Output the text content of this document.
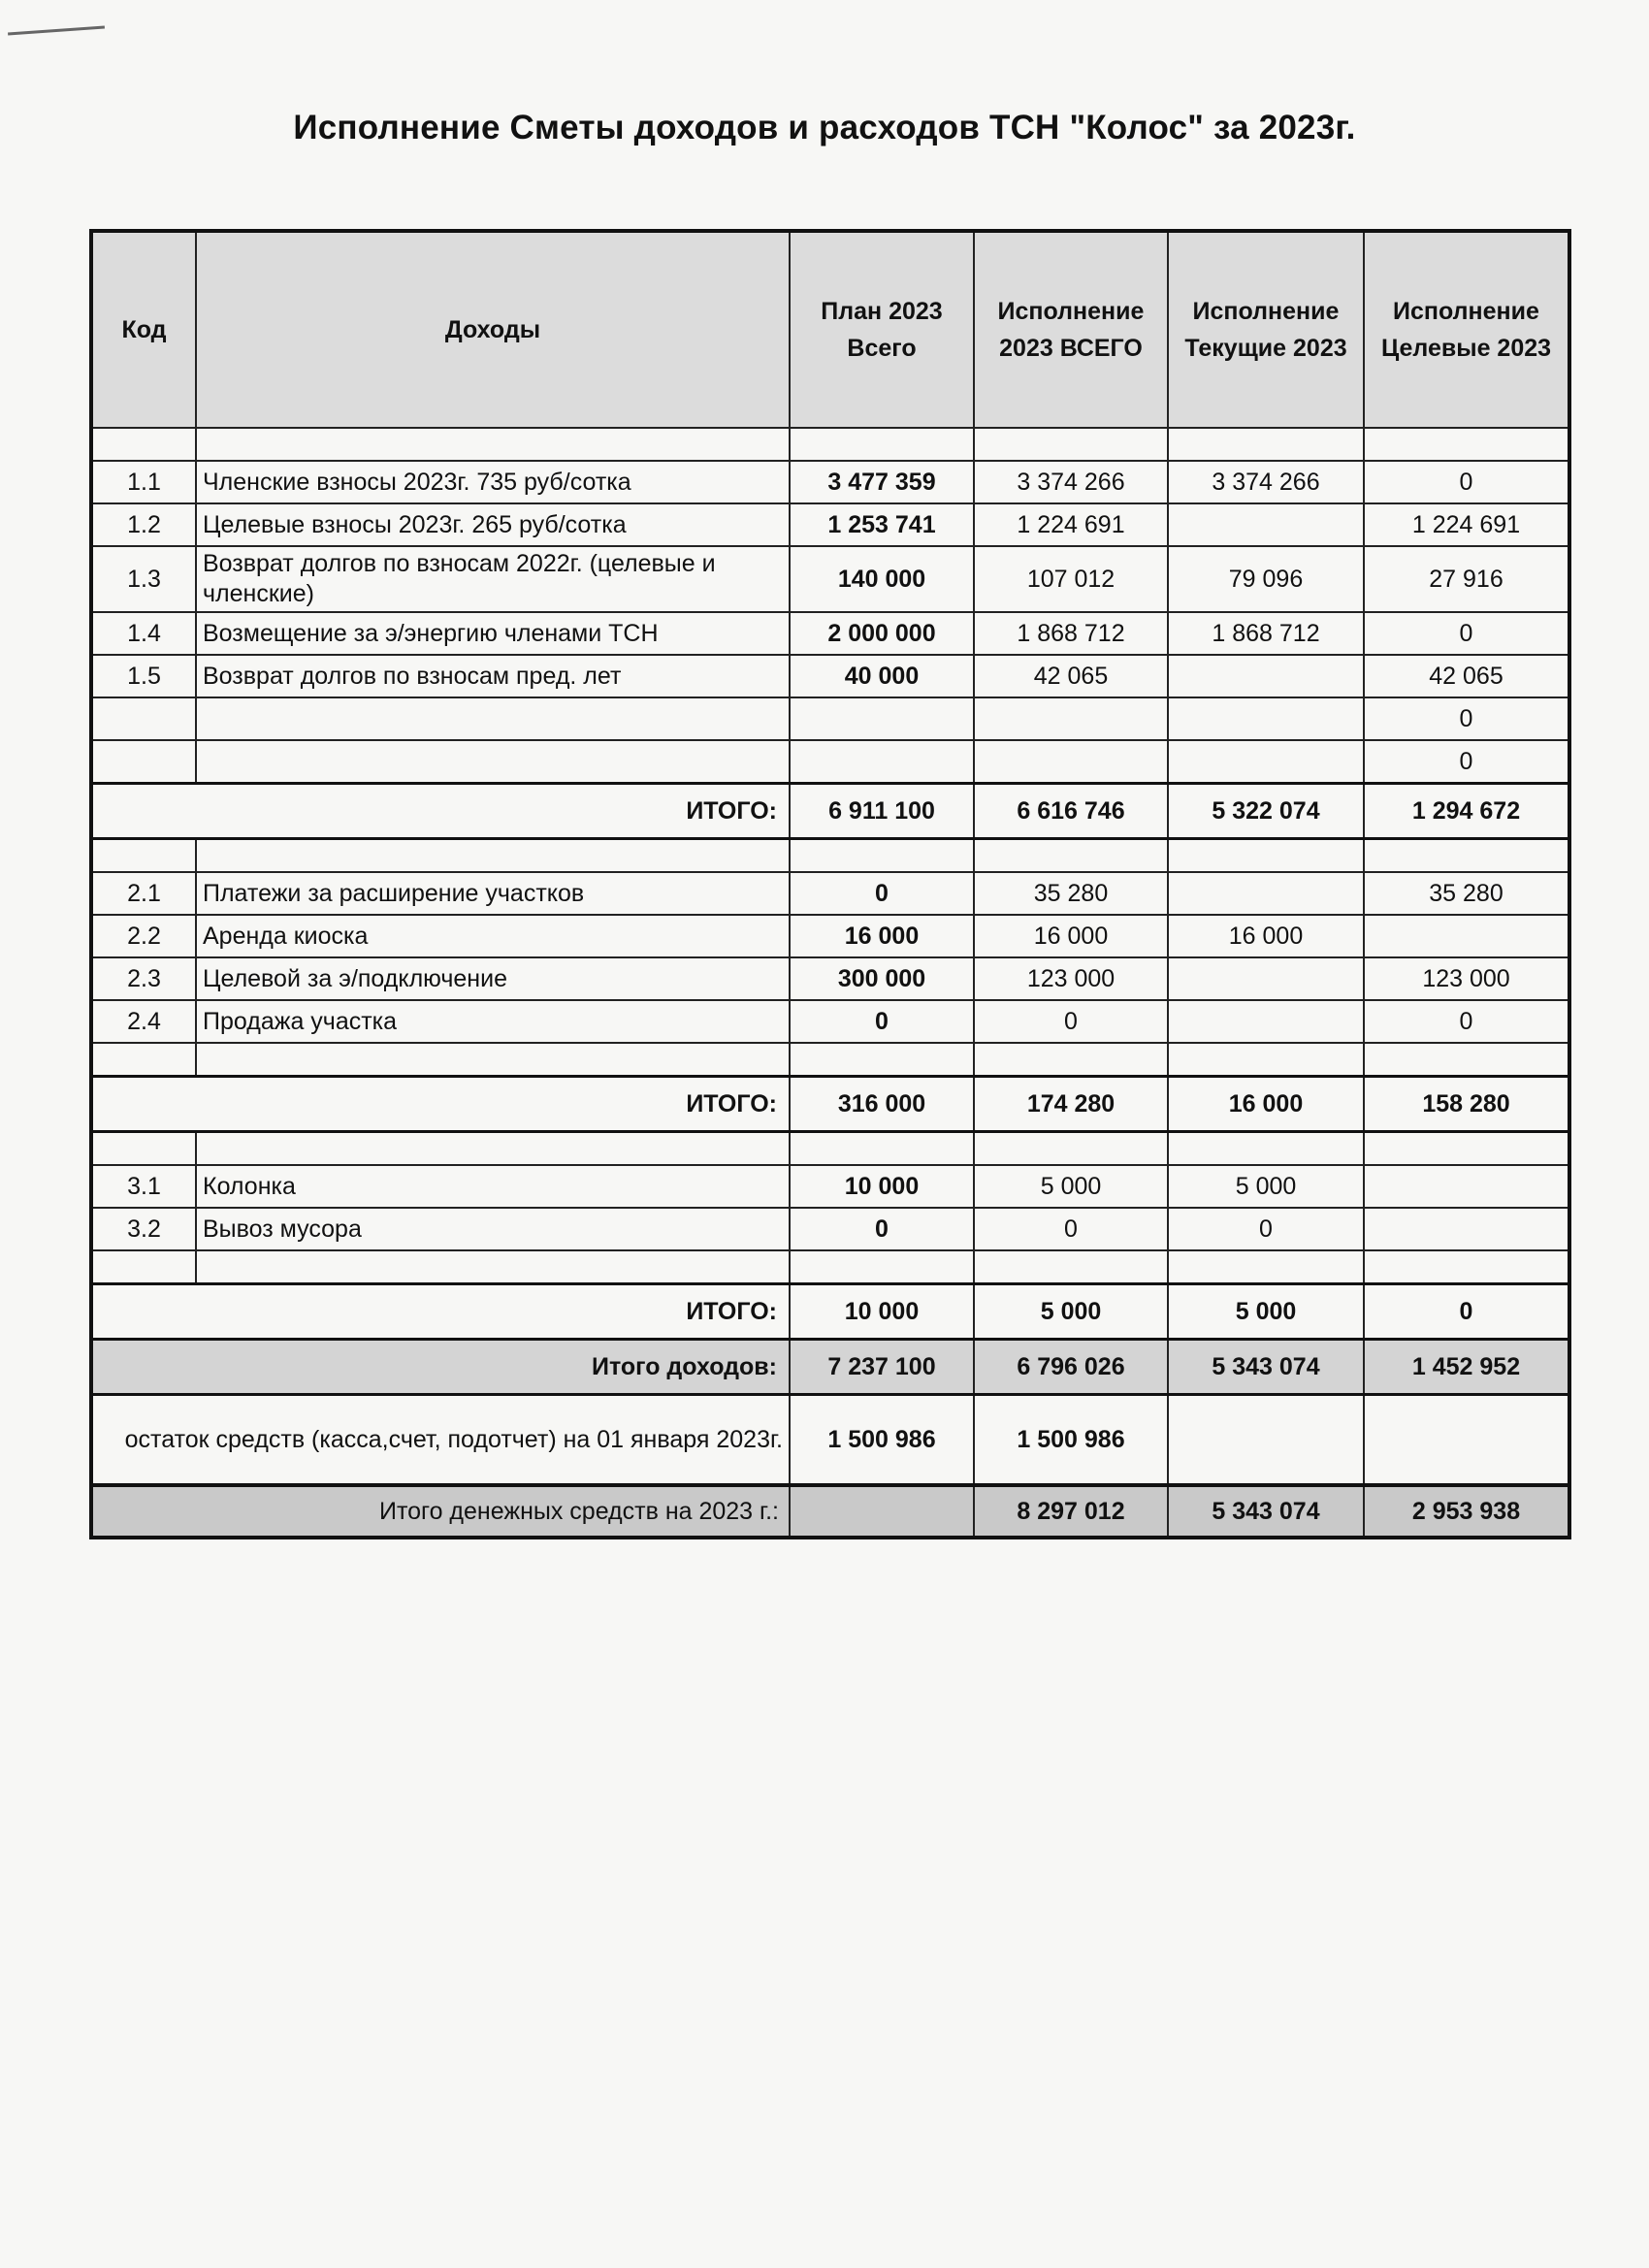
Исполнение Сметы доходов и расходов ТСН "Колос" за 2023г.
Код	Доходы	План 2023 Всего	Исполнение 2023 ВСЕГО	Исполнение Текущие 2023	Исполнение Целевые 2023

1.1	Членские взносы 2023г. 735 руб/сотка	3 477 359	3 374 266	3 374 266	0
1.2	Целевые взносы 2023г. 265 руб/сотка	1 253 741	1 224 691		1 224 691
1.3	Возврат долгов по взносам 2022г. (целевые и членские)	140 000	107 012	79 096	27 916
1.4	Возмещение за э/энергию членами ТСН	2 000 000	1 868 712	1 868 712	0
1.5	Возврат долгов по взносам пред. лет	40 000	42 065		42 065
					0
					0
ИТОГО:		6 911 100	6 616 746	5 322 074	1 294 672

2.1	Платежи за расширение участков	0	35 280		35 280
2.2	Аренда киоска	16 000	16 000	16 000	
2.3	Целевой за э/подключение	300 000	123 000		123 000
2.4	Продажа участка	0	0		0

ИТОГО:		316 000	174 280	16 000	158 280

3.1	Колонка	10 000	5 000	5 000	
3.2	Вывоз мусора	0	0	0	

ИТОГО:		10 000	5 000	5 000	0
Итого доходов:		7 237 100	6 796 026	5 343 074	1 452 952
остаток средств (касса,счет, подотчет) на 01 января 2023г.		1 500 986	1 500 986		
Итого денежных средств на 2023 г.:			8 297 012	5 343 074	2 953 938
